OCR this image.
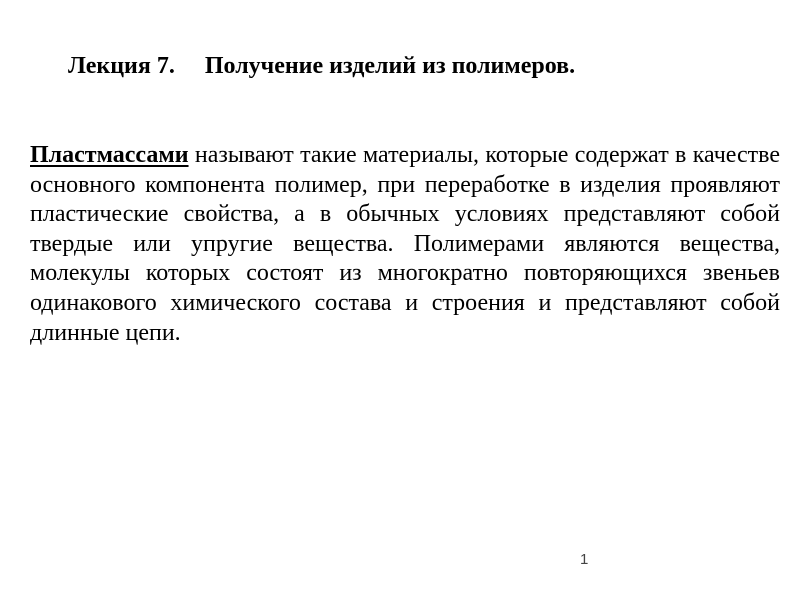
Лекция 7. Получение изделий из полимеров.

Пластмассами называют такие материалы, которые содержат в качестве основного компонента полимер, при переработке в изделия проявляют пластические свойства, а в обычных условиях представляют собой твердые или упругие вещества. Полимерами являются вещества, молекулы которых состоят из многократно повторяющихся звеньев одинакового химического состава и строения и представляют собой длинные цепи.

1
